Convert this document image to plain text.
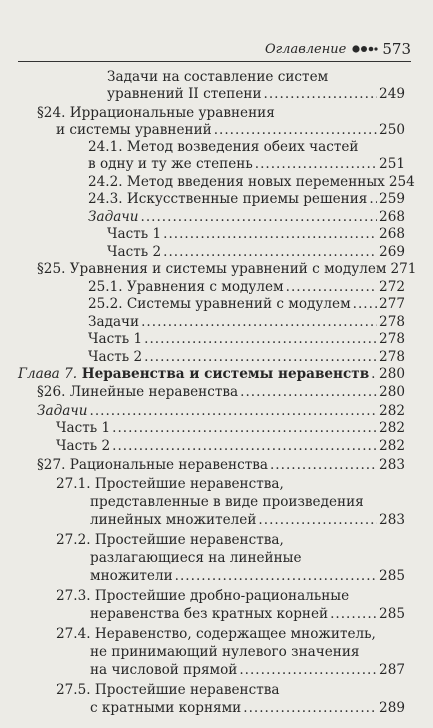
Оглавление 573
Задачи на составление систем
уравнений II степени .....	249
§24. Иррациональные уравнения
и системы уравнений .....	250
24.1. Метод возведения обеих частей
в одну и ту же степень .....	251
24.2. Метод введения новых переменных 254
24.3. Искусственные приемы решения ..... 259
Задачи .....	268
Часть 1 .....	268
Часть 2 .....	269
§25. Уравнения и системы уравнений с модулем 271
25.1. Уравнения с модулем .....	272
25.2. Системы уравнений с модулем ..... 277
Задачи .....	278
Часть 1 .....	278
Часть 2 .....	278
Глава 7. Неравенства и системы неравенств ..... 280
§26. Линейные неравенства .....	280
Задачи .....	282
Часть 1 .....	282
Часть 2 .....	282
§27. Рациональные неравенства .....	283
27.1. Простейшие неравенства,
представленные в виде произведения
линейных множителей .....	283
27.2. Простейшие неравенства,
разлагающиеся на линейные
множители .....	285
27.3. Простейшие дробно-рациональные
неравенства без кратных корней .....	285
27.4. Неравенство, содержащее множитель,
не принимающий нулевого значения
на числовой прямой .....	287
27.5. Простейшие неравенства
с кратными корнями .....	289
